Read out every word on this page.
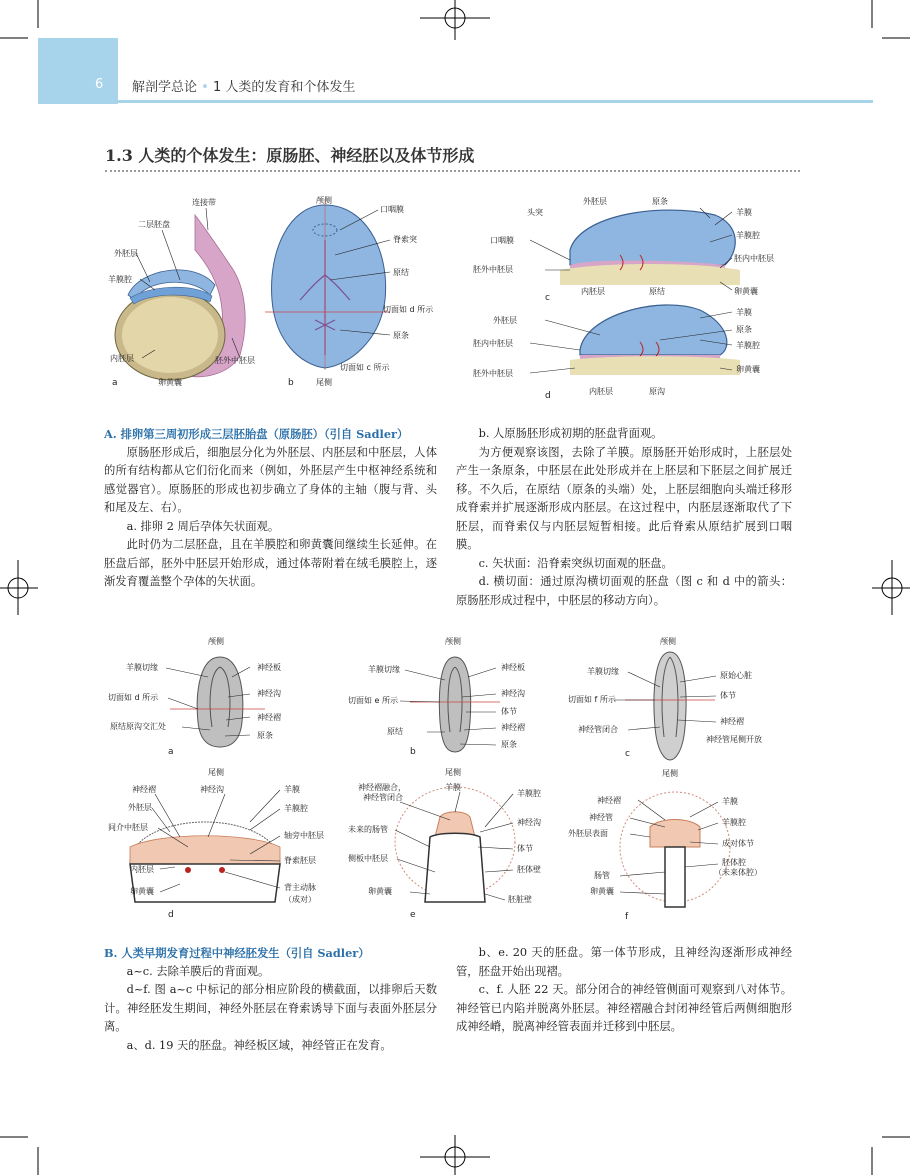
6 解剖学总论 • 1 人类的发育和个体发生
1.3 人类的个体发生：原肠胚、神经胚以及体节形成
连接带
二层胚盘
外胚层
羊膜腔
内胚层	胚外中胚层
卵黄囊
a
颅侧
口咽膜
脊索突
原结
切面如 d 所示
原条
切面如 c 所示
尾侧
b
外胚层	原条
头突	羊膜
口咽膜
羊膜腔
胚外中胚层
胚内中胚层
内胚层	原结	卵黄囊
c
外胚层
羊膜
原条
胚内中胚层	羊膜腔
胚外中胚层	卵黄囊
内胚层	原沟
d

A. 排卵第三周初形成三层胚胎盘（原肠胚）（引自 Sadler）

原肠胚形成后，细胞层分化为外胚层、内胚层和中胚层，人体的所有结构都从它们衍化而来（例如，外胚层产生中枢神经系统和感觉器官）。原肠胚的形成也初步确立了身体的主轴（腹与背、头和尾及左、右）。

a. 排卵 2 周后孕体矢状面观。

此时仍为二层胚盘，且在羊膜腔和卵黄囊间继续生长延伸。在胚盘后部，胚外中胚层开始形成，通过体蒂附着在绒毛膜腔上，逐渐发育覆盖整个孕体的矢状面。

b. 人原肠胚形成初期的胚盘背面观。

为方便观察该图，去除了羊膜。原肠胚开始形成时，上胚层处产生一条原条，中胚层在此处形成并在上胚层和下胚层之间扩展迁移。不久后，在原结（原条的头端）处，上胚层细胞向头端迁移形成脊索并扩展逐渐形成内胚层。在这过程中，内胚层逐渐取代了下胚层，而脊索仅与内胚层短暂相接。此后脊索从原结扩展到口咽膜。

c. 矢状面：沿脊索突纵切面观的胚盘。

d. 横切面：通过原沟横切面观的胚盘（图 c 和 d 中的箭头：原肠胚形成过程中，中胚层的移动方向）。

颅侧
羊膜切缘	神经板
神经沟
切面如 d 所示
神经褶
原结原沟交汇处
原条
a
颅侧
羊膜切缘	神经板
神经沟
切面如 e 所示
体节
原结	神经褶
原条
b
颅侧
羊膜切缘	原始心脏
体节
切面如 f 所示
神经褶
神经管闭合
神经管尾侧开放
尾侧
c
尾侧
神经褶	神经沟	羊膜
外胚层	羊膜腔
间介中胚层
轴旁中胚层
脊索胚层
内胚层
卵黄囊	背主动脉
（成对）
d
尾侧
神经褶融合，
神经管闭合
羊膜
羊膜腔
未来的肠管
神经沟
体节
侧板中胚层
胚体壁
卵黄囊
胚脏壁
e
神经褶
神经管
羊膜
羊膜腔
外胚层表面
成对体节
胚体腔
（未来体腔）
肠管
卵黄囊
f

B. 人类早期发育过程中神经胚发生（引自 Sadler）

a~c. 去除羊膜后的背面观。

d~f. 图 a~c 中标记的部分相应阶段的横截面，以排卵后天数计。神经胚发生期间，神经外胚层在脊索诱导下面与表面外胚层分离。

a、d. 19 天的胚盘。神经板区域，神经管正在发育。

b、e. 20 天的胚盘。第一体节形成，且神经沟逐渐形成神经管，胚盘开始出现褶。

c、f. 人胚 22 天。部分闭合的神经管侧面可观察到八对体节。神经管已内陷并脱离外胚层。神经褶融合封闭神经管后两侧细胞形成神经嵴，脱离神经管表面并迁移到中胚层。
